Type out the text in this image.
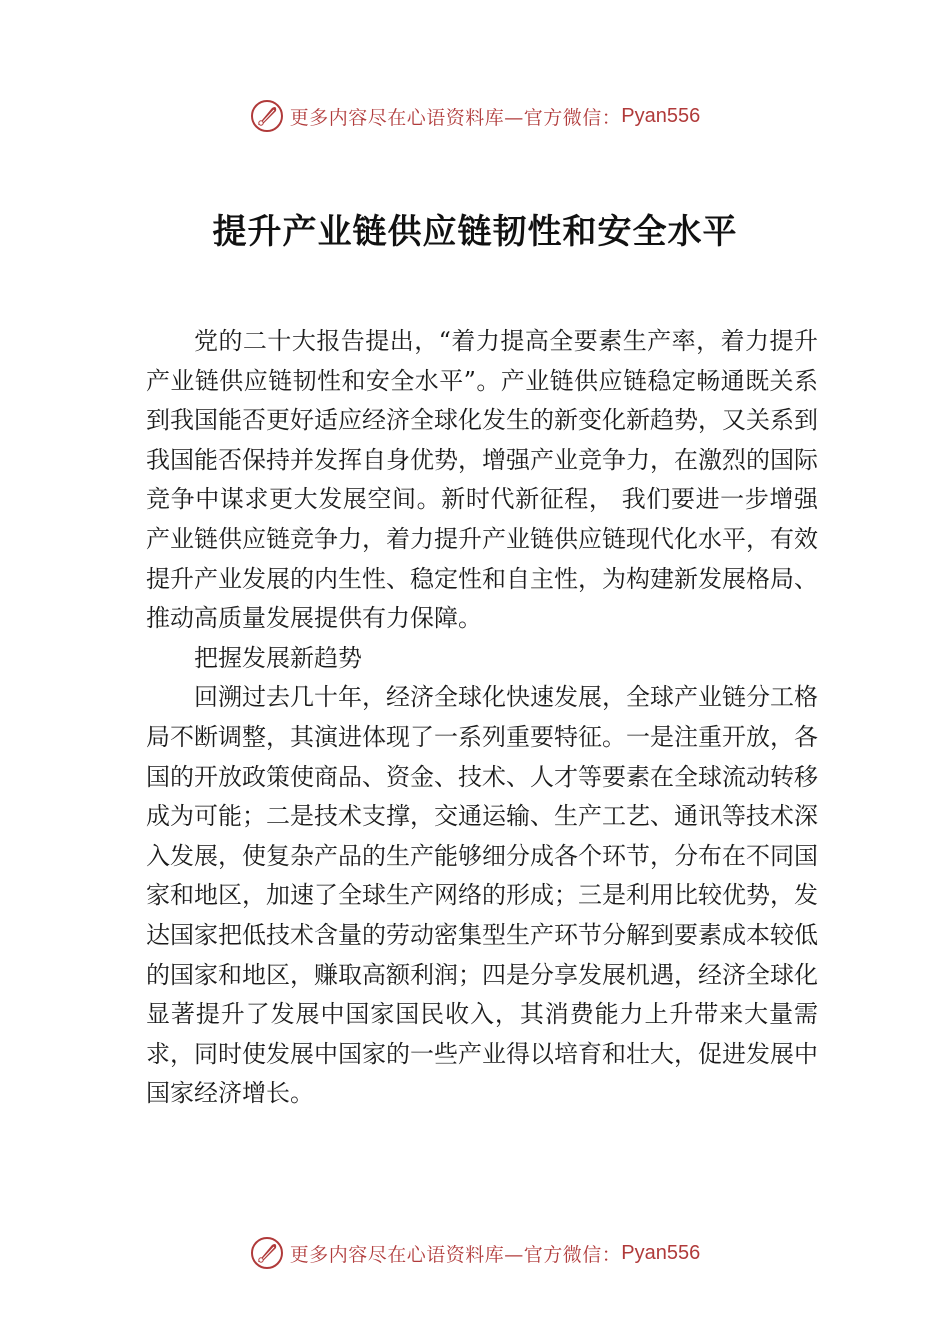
更多内容尽在心语资料库—官方微信： Pyan556
提升产业链供应链韧性和安全水平

党的二十大报告提出，“着力提高全要素生产率，着力提升产业链供应链韧性和安全水平”。产业链供应链稳定畅通既关系到我国能否更好适应经济全球化发生的新变化新趋势，又关系到我国能否保持并发挥自身优势，增强产业竞争力，在激烈的国际竞争中谋求更大发展空间。新时代新征程， 我们要进一步增强产业链供应链竞争力，着力提升产业链供应链现代化水平，有效提升产业发展的内生性、稳定性和自主性，为构建新发展格局、推动高质量发展提供有力保障。

把握发展新趋势

回溯过去几十年，经济全球化快速发展，全球产业链分工格局不断调整，其演进体现了一系列重要特征。一是注重开放，各国的开放政策使商品、资金、技术、人才等要素在全球流动转移成为可能；二是技术支撑，交通运输、生产工艺、通讯等技术深入发展，使复杂产品的生产能够细分成各个环节，分布在不同国家和地区，加速了全球生产网络的形成；三是利用比较优势，发达国家把低技术含量的劳动密集型生产环节分解到要素成本较低的国家和地区，赚取高额利润；四是分享发展机遇，经济全球化显著提升了发展中国家国民收入，其消费能力上升带来大量需求，同时使发展中国家的一些产业得以培育和壮大，促进发展中国家经济增长。

更多内容尽在心语资料库—官方微信： Pyan556
